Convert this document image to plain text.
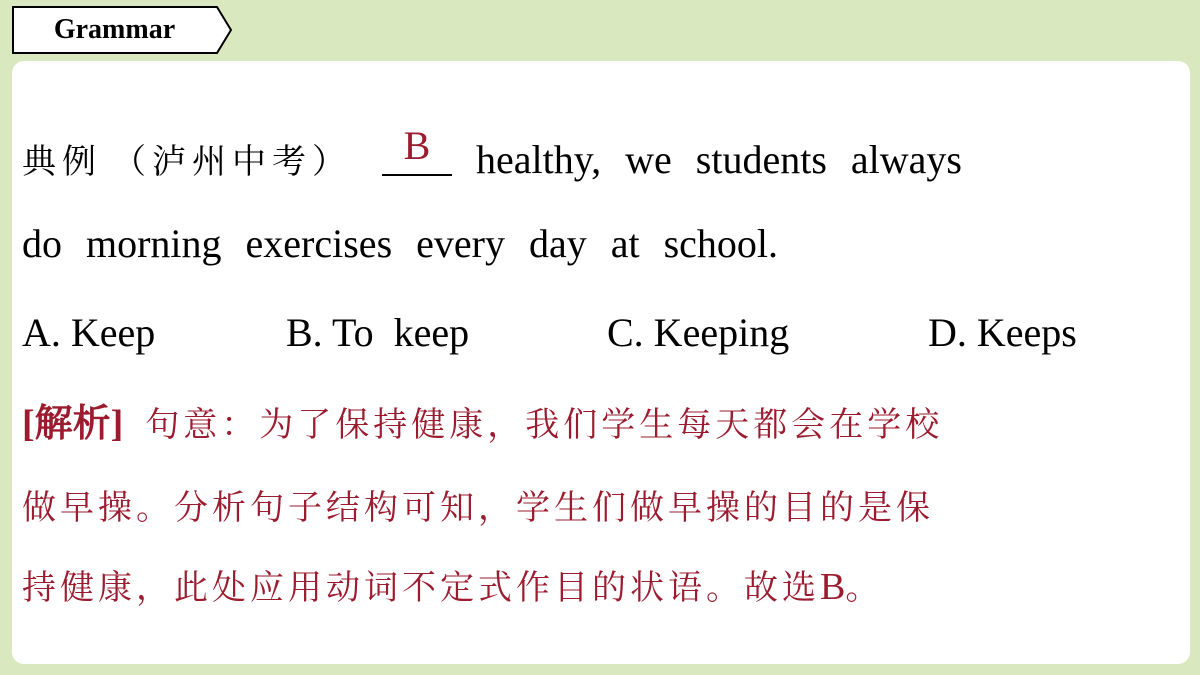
Grammar
典例 （泸州中考）	B	healthy, we students always
do morning exercises every day at school.
A. Keep	B. To  keep	C. Keeping	D. Keeps
[解析] 句意：为了保持健康，我们学生每天都会在学校
做早操。分析句子结构可知，学生们做早操的目的是保
持健康，此处应用动词不定式作目的状语。故选B。
